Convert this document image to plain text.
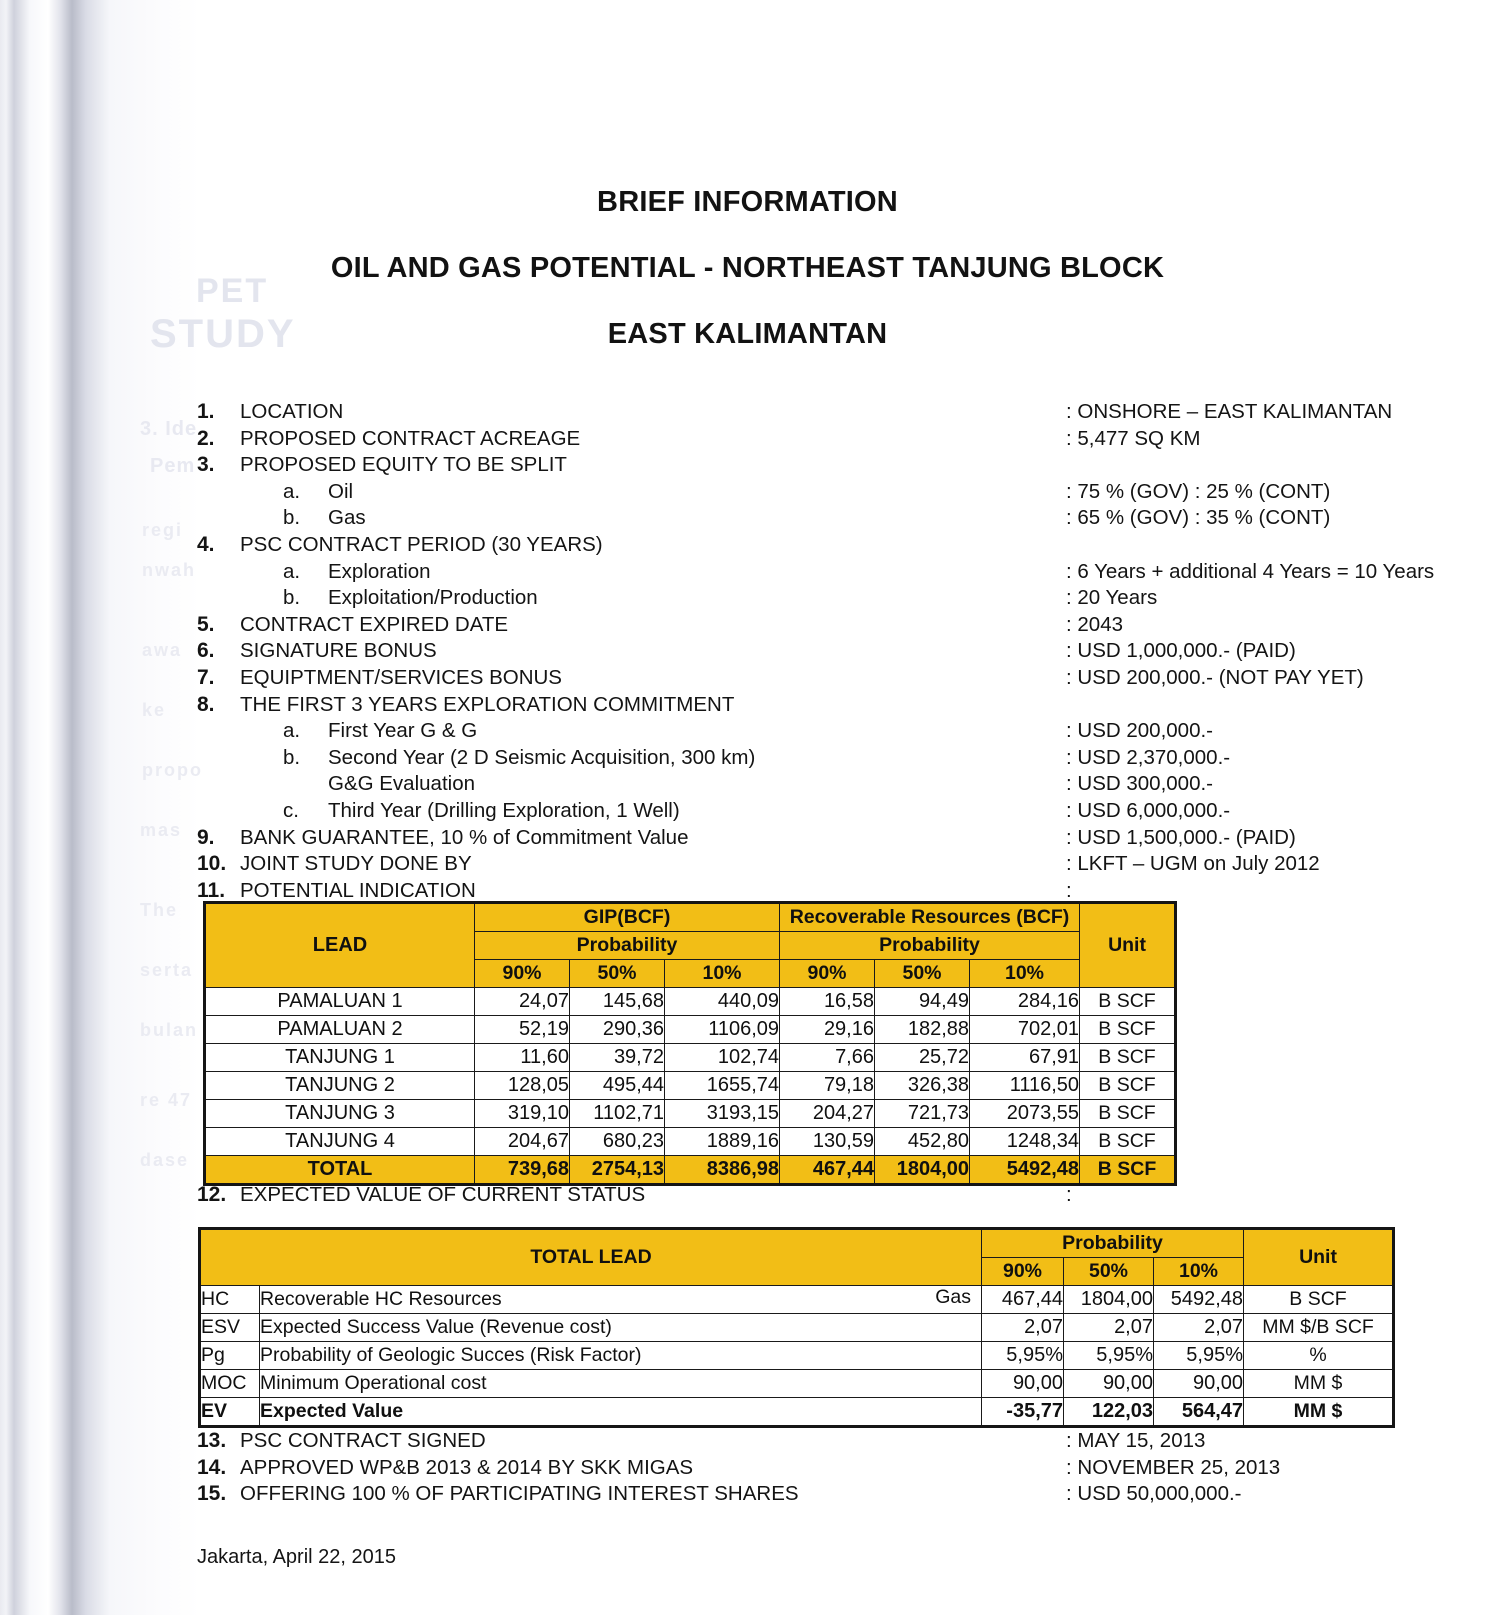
PET
STUDY
3. Ide
Pem
regi
nwah
awa
ke
propo
mas
The
serta
bulan
re 47
dase
BRIEF INFORMATION
OIL AND GAS POTENTIAL - NORTHEAST TANJUNG BLOCK
EAST KALIMANTAN
1.	LOCATION	: ONSHORE – EAST KALIMANTAN
2.	PROPOSED CONTRACT ACREAGE	: 5,477 SQ KM
3.	PROPOSED EQUITY TO BE SPLIT
a.	Oil	: 75 % (GOV) : 25 % (CONT)
b.	Gas	: 65 % (GOV) : 35 % (CONT)
4.	PSC CONTRACT PERIOD (30 YEARS)
a.	Exploration	: 6 Years + additional 4 Years = 10 Years
b.	Exploitation/Production	: 20 Years
5.	CONTRACT EXPIRED DATE	: 2043
6.	SIGNATURE BONUS	: USD 1,000,000.- (PAID)
7.	EQUIPTMENT/SERVICES BONUS	: USD 200,000.- (NOT PAY YET)
8.	THE FIRST 3 YEARS EXPLORATION COMMITMENT
a.	First Year G & G	: USD 200,000.-
b.	Second Year (2 D Seismic Acquisition, 300 km)	: USD 2,370,000.-
G&G Evaluation	: USD 300,000.-
c.	Third Year (Drilling Exploration, 1 Well)	: USD 6,000,000.-
9.	BANK GUARANTEE, 10 % of Commitment Value	: USD 1,500,000.- (PAID)
10. JOINT STUDY DONE BY	: LKFT – UGM on July 2012
11. POTENTIAL INDICATION	:
LEAD	GIP(BCF)			Recoverable Resources (BCF)			Unit
	Probability			Probability			
	90%	50%	10%	90%	50%	10%	
PAMALUAN 1	24,07	145,68	440,09	16,58	94,49	284,16	B SCF
PAMALUAN 2	52,19	290,36	1106,09	29,16	182,88	702,01	B SCF
TANJUNG 1	11,60	39,72	102,74	7,66	25,72	67,91	B SCF
TANJUNG 2	128,05	495,44	1655,74	79,18	326,38	1116,50	B SCF
TANJUNG 3	319,10	1102,71	3193,15	204,27	721,73	2073,55	B SCF
TANJUNG 4	204,67	680,23	1889,16	130,59	452,80	1248,34	B SCF
TOTAL	739,68	2754,13	8386,98	467,44	1804,00	5492,48	B SCF
12. EXPECTED VALUE OF CURRENT STATUS	:
TOTAL LEAD		Probability			Unit
		90%	50%	10%	
HC	Recoverable HC Resources Gas	467,44	1804,00	5492,48	B SCF
ESV	Expected Success Value (Revenue cost)	2,07	2,07	2,07	MM $/B SCF
Pg	Probability of Geologic Succes (Risk Factor)	5,95%	5,95%	5,95%	%
MOC	Minimum Operational cost	90,00	90,00	90,00	MM $
EV	Expected Value	-35,77	122,03	564,47	MM $
13. PSC CONTRACT SIGNED	: MAY 15, 2013
14. APPROVED WP&B 2013 & 2014 BY SKK MIGAS	: NOVEMBER 25, 2013
15. OFFERING 100 % OF PARTICIPATING INTEREST SHARES	: USD 50,000,000.-
Jakarta, April 22, 2015
